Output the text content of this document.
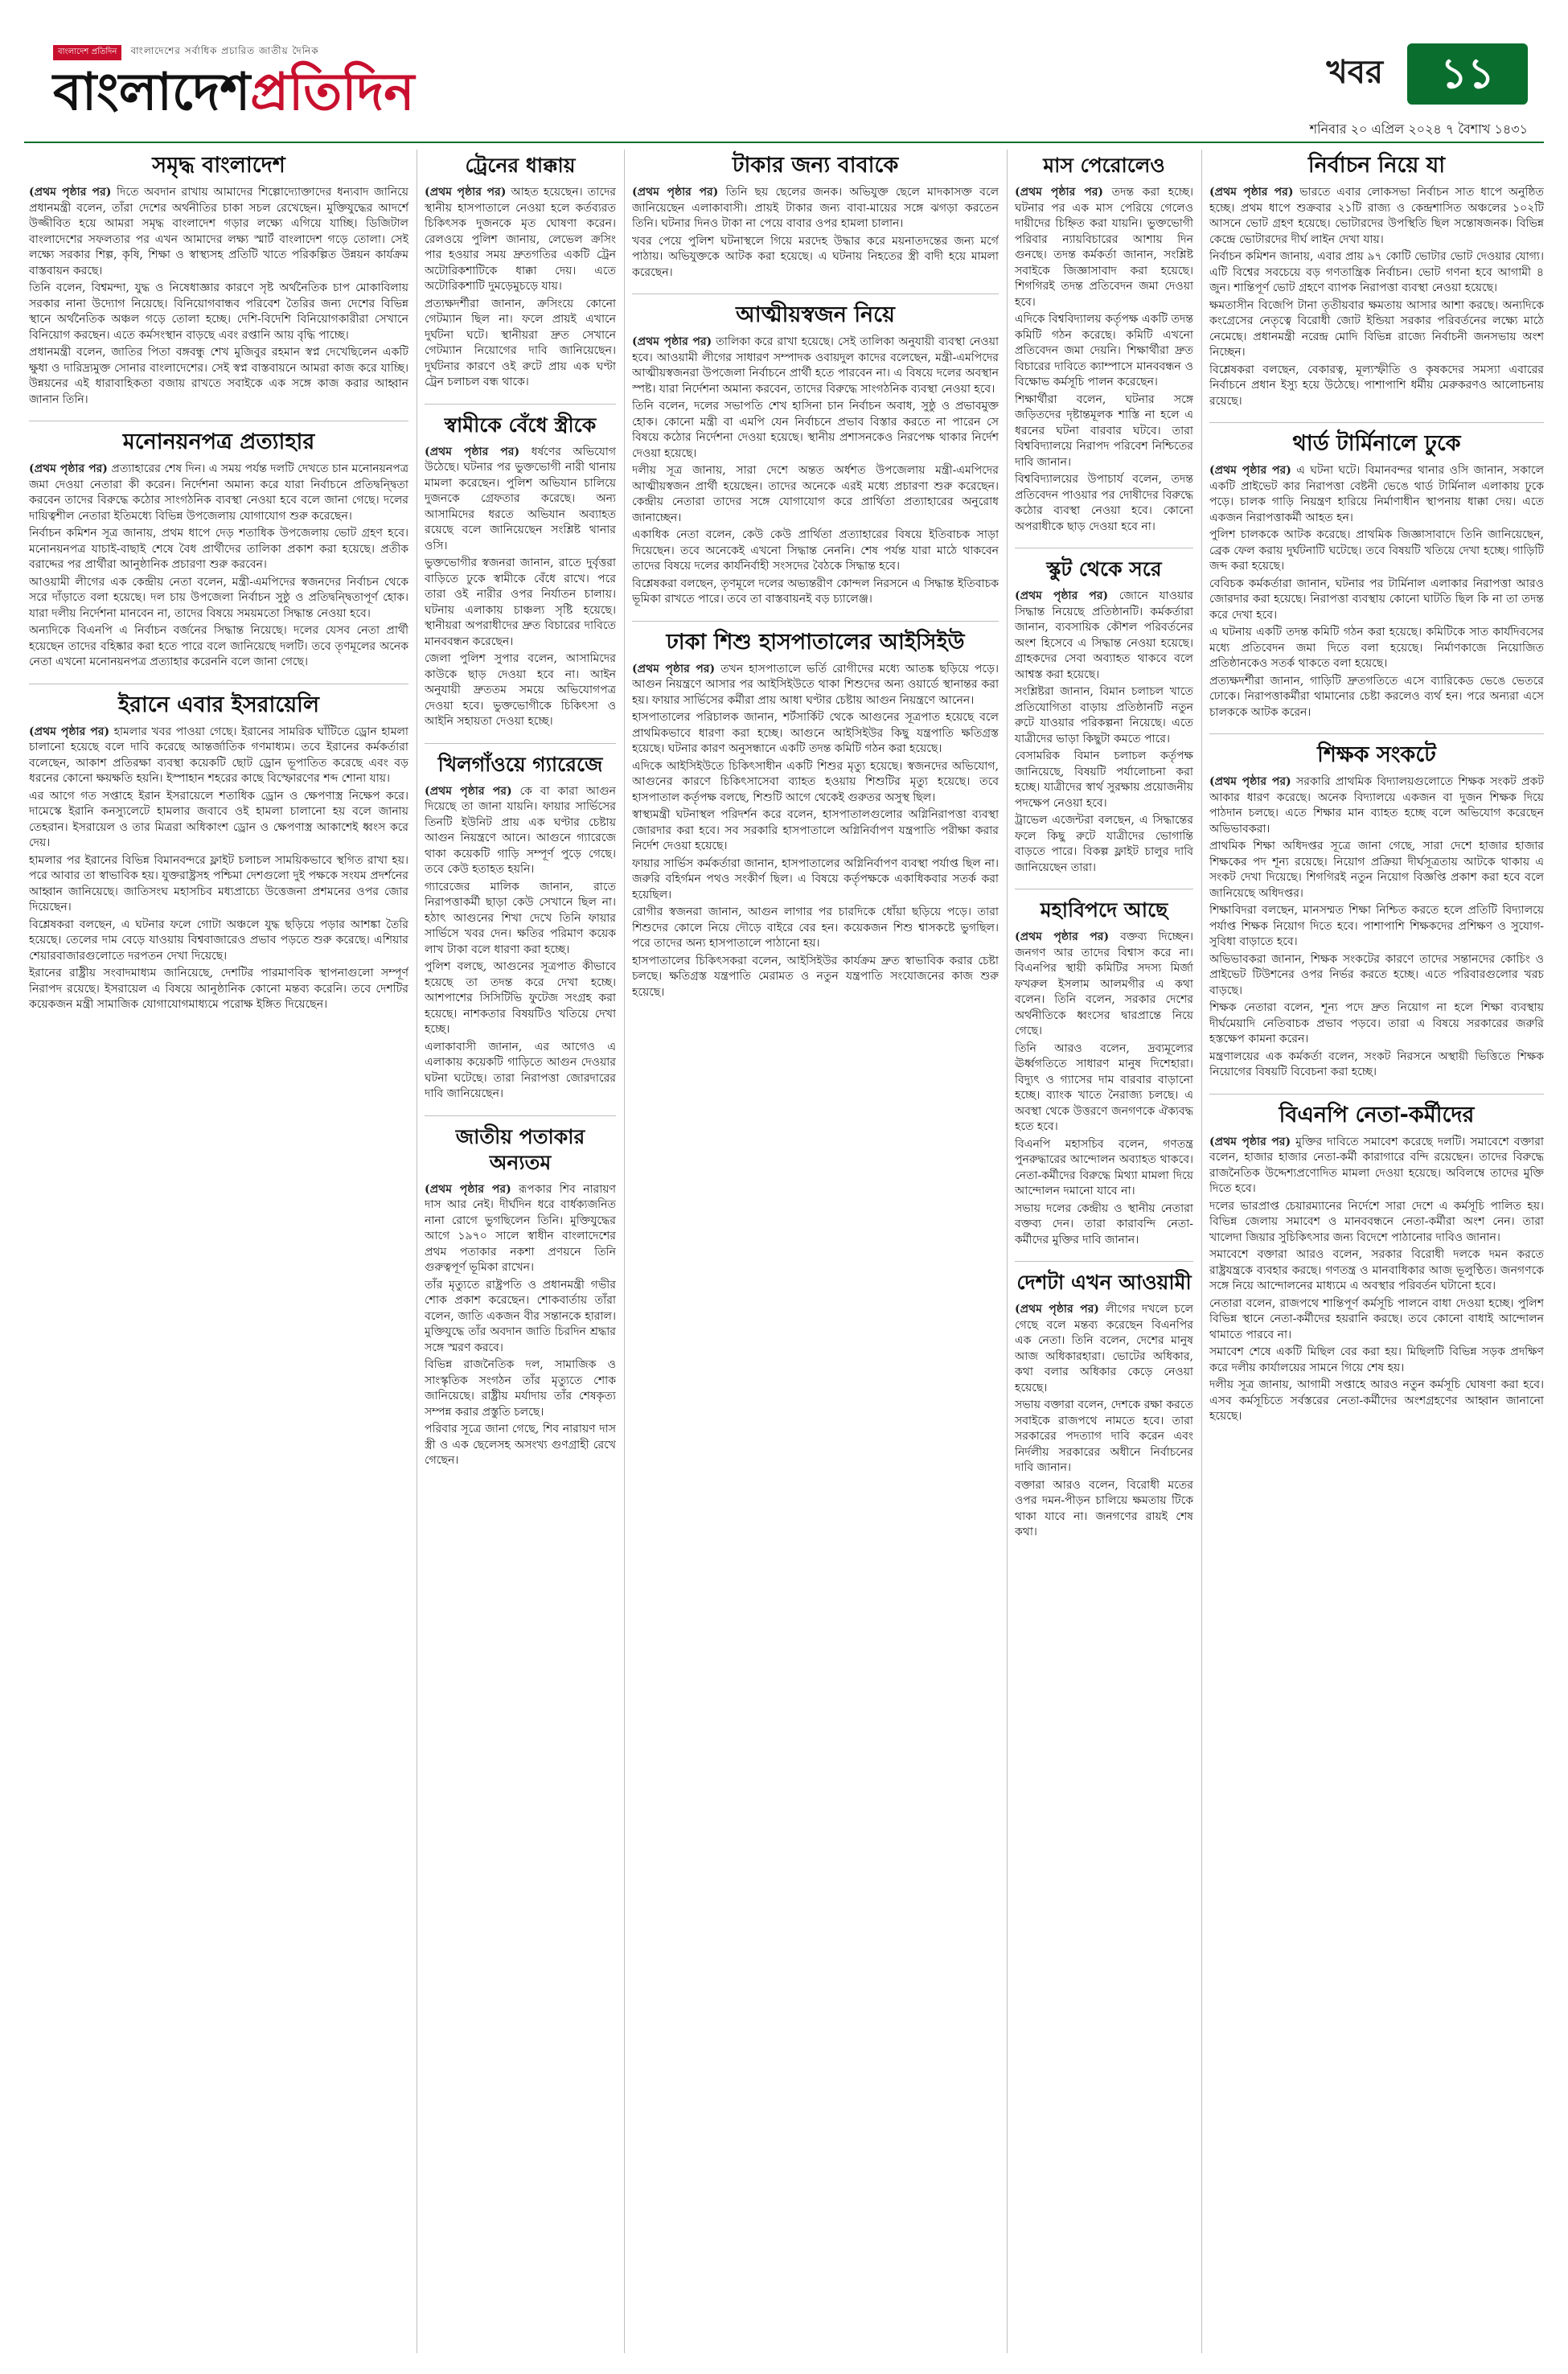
বাংলাদেশ প্রতিদিন বাংলাদেশের সর্বাধিক প্রচারিত জাতীয় দৈনিক
বাংলাদেশপ্রতিদিন	খবর	১১
শনিবার ২০ এপ্রিল ২০২৪ ৭ বৈশাখ ১৪৩১
সমৃদ্ধ বাংলাদেশ

(প্রথম পৃষ্ঠার পর) দিতে অবদান রাখায় আমাদের শিল্পোদ্যোক্তাদের ধন্যবাদ জানিয়ে প্রধানমন্ত্রী বলেন, তাঁরা দেশের অর্থনীতির চাকা সচল রেখেছেন। মুক্তিযুদ্ধের আদর্শে উজ্জীবিত হয়ে আমরা সমৃদ্ধ বাংলাদেশ গড়ার লক্ষ্যে এগিয়ে যাচ্ছি। ডিজিটাল বাংলাদেশের সফলতার পর এখন আমাদের লক্ষ্য স্মার্ট বাংলাদেশ গড়ে তোলা। সেই লক্ষ্যে সরকার শিল্প, কৃষি, শিক্ষা ও স্বাস্থ্যসহ প্রতিটি খাতে পরিকল্পিত উন্নয়ন কার্যক্রম বাস্তবায়ন করছে।

তিনি বলেন, বিশ্বমন্দা, যুদ্ধ ও নিষেধাজ্ঞার কারণে সৃষ্ট অর্থনৈতিক চাপ মোকাবিলায় সরকার নানা উদ্যোগ নিয়েছে। বিনিয়োগবান্ধব পরিবেশ তৈরির জন্য দেশের বিভিন্ন স্থানে অর্থনৈতিক অঞ্চল গড়ে তোলা হচ্ছে। দেশি-বিদেশি বিনিয়োগকারীরা সেখানে বিনিয়োগ করছেন। এতে কর্মসংস্থান বাড়ছে এবং রপ্তানি আয় বৃদ্ধি পাচ্ছে।

প্রধানমন্ত্রী বলেন, জাতির পিতা বঙ্গবন্ধু শেখ মুজিবুর রহমান স্বপ্ন দেখেছিলেন একটি ক্ষুধা ও দারিদ্র্যমুক্ত সোনার বাংলাদেশের। সেই স্বপ্ন বাস্তবায়নে আমরা কাজ করে যাচ্ছি। উন্নয়নের এই ধারাবাহিকতা বজায় রাখতে সবাইকে এক সঙ্গে কাজ করার আহ্বান জানান তিনি।

মনোনয়নপত্র প্রত্যাহার

(প্রথম পৃষ্ঠার পর) প্রত্যাহারের শেষ দিন। এ সময় পর্যন্ত দলটি দেখতে চান মনোনয়নপত্র জমা দেওয়া নেতারা কী করেন। নির্দেশনা অমান্য করে যারা নির্বাচনে প্রতিদ্বন্দ্বিতা করবেন তাদের বিরুদ্ধে কঠোর সাংগঠনিক ব্যবস্থা নেওয়া হবে বলে জানা গেছে। দলের দায়িত্বশীল নেতারা ইতিমধ্যে বিভিন্ন উপজেলায় যোগাযোগ শুরু করেছেন।

নির্বাচন কমিশন সূত্র জানায়, প্রথম ধাপে দেড় শতাধিক উপজেলায় ভোট গ্রহণ হবে। মনোনয়নপত্র যাচাই-বাছাই শেষে বৈধ প্রার্থীদের তালিকা প্রকাশ করা হয়েছে। প্রতীক বরাদ্দের পর প্রার্থীরা আনুষ্ঠানিক প্রচারণা শুরু করবেন।

আওয়ামী লীগের এক কেন্দ্রীয় নেতা বলেন, মন্ত্রী-এমপিদের স্বজনদের নির্বাচন থেকে সরে দাঁড়াতে বলা হয়েছে। দল চায় উপজেলা নির্বাচন সুষ্ঠু ও প্রতিদ্বন্দ্বিতাপূর্ণ হোক। যারা দলীয় নির্দেশনা মানবেন না, তাদের বিষয়ে সময়মতো সিদ্ধান্ত নেওয়া হবে।

অন্যদিকে বিএনপি এ নির্বাচন বর্জনের সিদ্ধান্ত নিয়েছে। দলের যেসব নেতা প্রার্থী হয়েছেন তাদের বহিষ্কার করা হতে পারে বলে জানিয়েছে দলটি। তবে তৃণমূলের অনেক নেতা এখনো মনোনয়নপত্র প্রত্যাহার করেননি বলে জানা গেছে।

ইরানে এবার ইসরায়েলি

(প্রথম পৃষ্ঠার পর) হামলার খবর পাওয়া গেছে। ইরানের সামরিক ঘাঁটিতে ড্রোন হামলা চালানো হয়েছে বলে দাবি করেছে আন্তর্জাতিক গণমাধ্যম। তবে ইরানের কর্মকর্তারা বলেছেন, আকাশ প্রতিরক্ষা ব্যবস্থা কয়েকটি ছোট ড্রোন ভূপাতিত করেছে এবং বড় ধরনের কোনো ক্ষয়ক্ষতি হয়নি। ইস্পাহান শহরের কাছে বিস্ফোরণের শব্দ শোনা যায়।

এর আগে গত সপ্তাহে ইরান ইসরায়েলে শতাধিক ড্রোন ও ক্ষেপণাস্ত্র নিক্ষেপ করে। দামেস্কে ইরানি কনস্যুলেটে হামলার জবাবে ওই হামলা চালানো হয় বলে জানায় তেহরান। ইসরায়েল ও তার মিত্ররা অধিকাংশ ড্রোন ও ক্ষেপণাস্ত্র আকাশেই ধ্বংস করে দেয়।

হামলার পর ইরানের বিভিন্ন বিমানবন্দরে ফ্লাইট চলাচল সাময়িকভাবে স্থগিত রাখা হয়। পরে আবার তা স্বাভাবিক হয়। যুক্তরাষ্ট্রসহ পশ্চিমা দেশগুলো দুই পক্ষকে সংযম প্রদর্শনের আহ্বান জানিয়েছে। জাতিসংঘ মহাসচিব মধ্যপ্রাচ্যে উত্তেজনা প্রশমনের ওপর জোর দিয়েছেন।

বিশ্লেষকরা বলছেন, এ ঘটনার ফলে গোটা অঞ্চলে যুদ্ধ ছড়িয়ে পড়ার আশঙ্কা তৈরি হয়েছে। তেলের দাম বেড়ে যাওয়ায় বিশ্ববাজারেও প্রভাব পড়তে শুরু করেছে। এশিয়ার শেয়ারবাজারগুলোতে দরপতন দেখা দিয়েছে।

ইরানের রাষ্ট্রীয় সংবাদমাধ্যম জানিয়েছে, দেশটির পারমাণবিক স্থাপনাগুলো সম্পূর্ণ নিরাপদ রয়েছে। ইসরায়েল এ বিষয়ে আনুষ্ঠানিক কোনো মন্তব্য করেনি। তবে দেশটির কয়েকজন মন্ত্রী সামাজিক যোগাযোগমাধ্যমে পরোক্ষ ইঙ্গিত দিয়েছেন।

ট্রেনের ধাক্কায়

(প্রথম পৃষ্ঠার পর) আহত হয়েছেন। তাদের স্থানীয় হাসপাতালে নেওয়া হলে কর্তব্যরত চিকিৎসক দুজনকে মৃত ঘোষণা করেন। রেলওয়ে পুলিশ জানায়, লেভেল ক্রসিং পার হওয়ার সময় দ্রুতগতির একটি ট্রেন অটোরিকশাটিকে ধাক্কা দেয়। এতে অটোরিকশাটি দুমড়েমুচড়ে যায়।

প্রত্যক্ষদর্শীরা জানান, ক্রসিংয়ে কোনো গেটম্যান ছিল না। ফলে প্রায়ই এখানে দুর্ঘটনা ঘটে। স্থানীয়রা দ্রুত সেখানে গেটম্যান নিয়োগের দাবি জানিয়েছেন। দুর্ঘটনার কারণে ওই রুটে প্রায় এক ঘণ্টা ট্রেন চলাচল বন্ধ থাকে।

স্বামীকে বেঁধে স্ত্রীকে

(প্রথম পৃষ্ঠার পর) ধর্ষণের অভিযোগ উঠেছে। ঘটনার পর ভুক্তভোগী নারী থানায় মামলা করেছেন। পুলিশ অভিযান চালিয়ে দুজনকে গ্রেফতার করেছে। অন্য আসামিদের ধরতে অভিযান অব্যাহত রয়েছে বলে জানিয়েছেন সংশ্লিষ্ট থানার ওসি।

ভুক্তভোগীর স্বজনরা জানান, রাতে দুর্বৃত্তরা বাড়িতে ঢুকে স্বামীকে বেঁধে রাখে। পরে তারা ওই নারীর ওপর নির্যাতন চালায়। ঘটনায় এলাকায় চাঞ্চল্য সৃষ্টি হয়েছে। স্থানীয়রা অপরাধীদের দ্রুত বিচারের দাবিতে মানববন্ধন করেছেন।

জেলা পুলিশ সুপার বলেন, আসামিদের কাউকে ছাড় দেওয়া হবে না। আইন অনুযায়ী দ্রুততম সময়ে অভিযোগপত্র দেওয়া হবে। ভুক্তভোগীকে চিকিৎসা ও আইনি সহায়তা দেওয়া হচ্ছে।

খিলগাঁওয়ে গ্যারেজে

(প্রথম পৃষ্ঠার পর) কে বা কারা আগুন দিয়েছে তা জানা যায়নি। ফায়ার সার্ভিসের তিনটি ইউনিট প্রায় এক ঘণ্টার চেষ্টায় আগুন নিয়ন্ত্রণে আনে। আগুনে গ্যারেজে থাকা কয়েকটি গাড়ি সম্পূর্ণ পুড়ে গেছে। তবে কেউ হতাহত হয়নি।

গ্যারেজের মালিক জানান, রাতে নিরাপত্তাকর্মী ছাড়া কেউ সেখানে ছিল না। হঠাৎ আগুনের শিখা দেখে তিনি ফায়ার সার্ভিসে খবর দেন। ক্ষতির পরিমাণ কয়েক লাখ টাকা বলে ধারণা করা হচ্ছে।

পুলিশ বলছে, আগুনের সূত্রপাত কীভাবে হয়েছে তা তদন্ত করে দেখা হচ্ছে। আশপাশের সিসিটিভি ফুটেজ সংগ্রহ করা হয়েছে। নাশকতার বিষয়টিও খতিয়ে দেখা হচ্ছে।

এলাকাবাসী জানান, এর আগেও এ এলাকায় কয়েকটি গাড়িতে আগুন দেওয়ার ঘটনা ঘটেছে। তারা নিরাপত্তা জোরদারের দাবি জানিয়েছেন।

জাতীয় পতাকার অন্যতম

(প্রথম পৃষ্ঠার পর) রূপকার শিব নারায়ণ দাস আর নেই। দীর্ঘদিন ধরে বার্ধক্যজনিত নানা রোগে ভুগছিলেন তিনি। মুক্তিযুদ্ধের আগে ১৯৭০ সালে স্বাধীন বাংলাদেশের প্রথম পতাকার নকশা প্রণয়নে তিনি গুরুত্বপূর্ণ ভূমিকা রাখেন।

তাঁর মৃত্যুতে রাষ্ট্রপতি ও প্রধানমন্ত্রী গভীর শোক প্রকাশ করেছেন। শোকবার্তায় তাঁরা বলেন, জাতি একজন বীর সন্তানকে হারাল। মুক্তিযুদ্ধে তাঁর অবদান জাতি চিরদিন শ্রদ্ধার সঙ্গে স্মরণ করবে।

বিভিন্ন রাজনৈতিক দল, সামাজিক ও সাংস্কৃতিক সংগঠন তাঁর মৃত্যুতে শোক জানিয়েছে। রাষ্ট্রীয় মর্যাদায় তাঁর শেষকৃত্য সম্পন্ন করার প্রস্তুতি চলছে।

পরিবার সূত্রে জানা গেছে, শিব নারায়ণ দাস স্ত্রী ও এক ছেলেসহ অসংখ্য গুণগ্রাহী রেখে গেছেন।

টাকার জন্য বাবাকে

(প্রথম পৃষ্ঠার পর) তিনি ছয় ছেলের জনক। অভিযুক্ত ছেলে মাদকাসক্ত বলে জানিয়েছেন এলাকাবাসী। প্রায়ই টাকার জন্য বাবা-মায়ের সঙ্গে ঝগড়া করতেন তিনি। ঘটনার দিনও টাকা না পেয়ে বাবার ওপর হামলা চালান।

খবর পেয়ে পুলিশ ঘটনাস্থলে গিয়ে মরদেহ উদ্ধার করে ময়নাতদন্তের জন্য মর্গে পাঠায়। অভিযুক্তকে আটক করা হয়েছে। এ ঘটনায় নিহতের স্ত্রী বাদী হয়ে মামলা করেছেন।

আত্মীয়স্বজন নিয়ে

(প্রথম পৃষ্ঠার পর) তালিকা করে রাখা হয়েছে। সেই তালিকা অনুযায়ী ব্যবস্থা নেওয়া হবে। আওয়ামী লীগের সাধারণ সম্পাদক ওবায়দুল কাদের বলেছেন, মন্ত্রী-এমপিদের আত্মীয়স্বজনরা উপজেলা নির্বাচনে প্রার্থী হতে পারবেন না। এ বিষয়ে দলের অবস্থান স্পষ্ট। যারা নির্দেশনা অমান্য করবেন, তাদের বিরুদ্ধে সাংগঠনিক ব্যবস্থা নেওয়া হবে।

তিনি বলেন, দলের সভাপতি শেখ হাসিনা চান নির্বাচন অবাধ, সুষ্ঠু ও প্রভাবমুক্ত হোক। কোনো মন্ত্রী বা এমপি যেন নির্বাচনে প্রভাব বিস্তার করতে না পারেন সে বিষয়ে কঠোর নির্দেশনা দেওয়া হয়েছে। স্থানীয় প্রশাসনকেও নিরপেক্ষ থাকার নির্দেশ দেওয়া হয়েছে।

দলীয় সূত্র জানায়, সারা দেশে অন্তত অর্ধশত উপজেলায় মন্ত্রী-এমপিদের আত্মীয়স্বজন প্রার্থী হয়েছেন। তাদের অনেকে এরই মধ্যে প্রচারণা শুরু করেছেন। কেন্দ্রীয় নেতারা তাদের সঙ্গে যোগাযোগ করে প্রার্থিতা প্রত্যাহারের অনুরোধ জানাচ্ছেন।

একাধিক নেতা বলেন, কেউ কেউ প্রার্থিতা প্রত্যাহারের বিষয়ে ইতিবাচক সাড়া দিয়েছেন। তবে অনেকেই এখনো সিদ্ধান্ত নেননি। শেষ পর্যন্ত যারা মাঠে থাকবেন তাদের বিষয়ে দলের কার্যনির্বাহী সংসদের বৈঠকে সিদ্ধান্ত হবে।

বিশ্লেষকরা বলছেন, তৃণমূলে দলের অভ্যন্তরীণ কোন্দল নিরসনে এ সিদ্ধান্ত ইতিবাচক ভূমিকা রাখতে পারে। তবে তা বাস্তবায়নই বড় চ্যালেঞ্জ।

ঢাকা শিশু হাসপাতালের আইসিইউ

(প্রথম পৃষ্ঠার পর) তখন হাসপাতালে ভর্তি রোগীদের মধ্যে আতঙ্ক ছড়িয়ে পড়ে। আগুন নিয়ন্ত্রণে আসার পর আইসিইউতে থাকা শিশুদের অন্য ওয়ার্ডে স্থানান্তর করা হয়। ফায়ার সার্ভিসের কর্মীরা প্রায় আধা ঘণ্টার চেষ্টায় আগুন নিয়ন্ত্রণে আনেন।

হাসপাতালের পরিচালক জানান, শর্টসার্কিট থেকে আগুনের সূত্রপাত হয়েছে বলে প্রাথমিকভাবে ধারণা করা হচ্ছে। আগুনে আইসিইউর কিছু যন্ত্রপাতি ক্ষতিগ্রস্ত হয়েছে। ঘটনার কারণ অনুসন্ধানে একটি তদন্ত কমিটি গঠন করা হয়েছে।

এদিকে আইসিইউতে চিকিৎসাধীন একটি শিশুর মৃত্যু হয়েছে। স্বজনদের অভিযোগ, আগুনের কারণে চিকিৎসাসেবা ব্যাহত হওয়ায় শিশুটির মৃত্যু হয়েছে। তবে হাসপাতাল কর্তৃপক্ষ বলছে, শিশুটি আগে থেকেই গুরুতর অসুস্থ ছিল।

স্বাস্থ্যমন্ত্রী ঘটনাস্থল পরিদর্শন করে বলেন, হাসপাতালগুলোর অগ্নিনিরাপত্তা ব্যবস্থা জোরদার করা হবে। সব সরকারি হাসপাতালে অগ্নিনির্বাপণ যন্ত্রপাতি পরীক্ষা করার নির্দেশ দেওয়া হয়েছে।

ফায়ার সার্ভিস কর্মকর্তারা জানান, হাসপাতালের অগ্নিনির্বাপণ ব্যবস্থা পর্যাপ্ত ছিল না। জরুরি বহির্গমন পথও সংকীর্ণ ছিল। এ বিষয়ে কর্তৃপক্ষকে একাধিকবার সতর্ক করা হয়েছিল।

রোগীর স্বজনরা জানান, আগুন লাগার পর চারদিকে ধোঁয়া ছড়িয়ে পড়ে। তারা শিশুদের কোলে নিয়ে দৌড়ে বাইরে বের হন। কয়েকজন শিশু শ্বাসকষ্টে ভুগছিল। পরে তাদের অন্য হাসপাতালে পাঠানো হয়।

হাসপাতালের চিকিৎসকরা বলেন, আইসিইউর কার্যক্রম দ্রুত স্বাভাবিক করার চেষ্টা চলছে। ক্ষতিগ্রস্ত যন্ত্রপাতি মেরামত ও নতুন যন্ত্রপাতি সংযোজনের কাজ শুরু হয়েছে।

মাস পেরোলেও

(প্রথম পৃষ্ঠার পর) তদন্ত করা হচ্ছে। ঘটনার পর এক মাস পেরিয়ে গেলেও দায়ীদের চিহ্নিত করা যায়নি। ভুক্তভোগী পরিবার ন্যায়বিচারের আশায় দিন গুনছে। তদন্ত কর্মকর্তা জানান, সংশ্লিষ্ট সবাইকে জিজ্ঞাসাবাদ করা হয়েছে। শিগগিরই তদন্ত প্রতিবেদন জমা দেওয়া হবে।

এদিকে বিশ্ববিদ্যালয় কর্তৃপক্ষ একটি তদন্ত কমিটি গঠন করেছে। কমিটি এখনো প্রতিবেদন জমা দেয়নি। শিক্ষার্থীরা দ্রুত বিচারের দাবিতে ক্যাম্পাসে মানববন্ধন ও বিক্ষোভ কর্মসূচি পালন করেছেন।

শিক্ষার্থীরা বলেন, ঘটনার সঙ্গে জড়িতদের দৃষ্টান্তমূলক শাস্তি না হলে এ ধরনের ঘটনা বারবার ঘটবে। তারা বিশ্ববিদ্যালয়ে নিরাপদ পরিবেশ নিশ্চিতের দাবি জানান।

বিশ্ববিদ্যালয়ের উপাচার্য বলেন, তদন্ত প্রতিবেদন পাওয়ার পর দোষীদের বিরুদ্ধে কঠোর ব্যবস্থা নেওয়া হবে। কোনো অপরাধীকে ছাড় দেওয়া হবে না।

স্কুট থেকে সরে

(প্রথম পৃষ্ঠার পর) জোনে যাওয়ার সিদ্ধান্ত নিয়েছে প্রতিষ্ঠানটি। কর্মকর্তারা জানান, ব্যবসায়িক কৌশল পরিবর্তনের অংশ হিসেবে এ সিদ্ধান্ত নেওয়া হয়েছে। গ্রাহকদের সেবা অব্যাহত থাকবে বলে আশ্বস্ত করা হয়েছে।

সংশ্লিষ্টরা জানান, বিমান চলাচল খাতে প্রতিযোগিতা বাড়ায় প্রতিষ্ঠানটি নতুন রুটে যাওয়ার পরিকল্পনা নিয়েছে। এতে যাত্রীদের ভাড়া কিছুটা কমতে পারে।

বেসামরিক বিমান চলাচল কর্তৃপক্ষ জানিয়েছে, বিষয়টি পর্যালোচনা করা হচ্ছে। যাত্রীদের স্বার্থ সুরক্ষায় প্রয়োজনীয় পদক্ষেপ নেওয়া হবে।

ট্রাভেল এজেন্টরা বলছেন, এ সিদ্ধান্তের ফলে কিছু রুটে যাত্রীদের ভোগান্তি বাড়তে পারে। বিকল্প ফ্লাইট চালুর দাবি জানিয়েছেন তারা।

মহাবিপদে আছে

(প্রথম পৃষ্ঠার পর) বক্তব্য দিচ্ছেন। জনগণ আর তাদের বিশ্বাস করে না। বিএনপির স্থায়ী কমিটির সদস্য মির্জা ফখরুল ইসলাম আলমগীর এ কথা বলেন। তিনি বলেন, সরকার দেশের অর্থনীতিকে ধ্বংসের দ্বারপ্রান্তে নিয়ে গেছে।

তিনি আরও বলেন, দ্রব্যমূল্যের ঊর্ধ্বগতিতে সাধারণ মানুষ দিশেহারা। বিদ্যুৎ ও গ্যাসের দাম বারবার বাড়ানো হচ্ছে। ব্যাংক খাতে নৈরাজ্য চলছে। এ অবস্থা থেকে উত্তরণে জনগণকে ঐক্যবদ্ধ হতে হবে।

বিএনপি মহাসচিব বলেন, গণতন্ত্র পুনরুদ্ধারের আন্দোলন অব্যাহত থাকবে। নেতা-কর্মীদের বিরুদ্ধে মিথ্যা মামলা দিয়ে আন্দোলন দমানো যাবে না।

সভায় দলের কেন্দ্রীয় ও স্থানীয় নেতারা বক্তব্য দেন। তারা কারাবন্দি নেতা-কর্মীদের মুক্তির দাবি জানান।

দেশটা এখন আওয়ামী

(প্রথম পৃষ্ঠার পর) লীগের দখলে চলে গেছে বলে মন্তব্য করেছেন বিএনপির এক নেতা। তিনি বলেন, দেশের মানুষ আজ অধিকারহারা। ভোটের অধিকার, কথা বলার অধিকার কেড়ে নেওয়া হয়েছে।

সভায় বক্তারা বলেন, দেশকে রক্ষা করতে সবাইকে রাজপথে নামতে হবে। তারা সরকারের পদত্যাগ দাবি করেন এবং নির্দলীয় সরকারের অধীনে নির্বাচনের দাবি জানান।

বক্তারা আরও বলেন, বিরোধী মতের ওপর দমন-পীড়ন চালিয়ে ক্ষমতায় টিকে থাকা যাবে না। জনগণের রায়ই শেষ কথা।

নির্বাচন নিয়ে যা

(প্রথম পৃষ্ঠার পর) ভারতে এবার লোকসভা নির্বাচন সাত ধাপে অনুষ্ঠিত হচ্ছে। প্রথম ধাপে শুক্রবার ২১টি রাজ্য ও কেন্দ্রশাসিত অঞ্চলের ১০২টি আসনে ভোট গ্রহণ হয়েছে। ভোটারদের উপস্থিতি ছিল সন্তোষজনক। বিভিন্ন কেন্দ্রে ভোটারদের দীর্ঘ লাইন দেখা যায়।

নির্বাচন কমিশন জানায়, এবার প্রায় ৯৭ কোটি ভোটার ভোট দেওয়ার যোগ্য। এটি বিশ্বের সবচেয়ে বড় গণতান্ত্রিক নির্বাচন। ভোট গণনা হবে আগামী ৪ জুন। শান্তিপূর্ণ ভোট গ্রহণে ব্যাপক নিরাপত্তা ব্যবস্থা নেওয়া হয়েছে।

ক্ষমতাসীন বিজেপি টানা তৃতীয়বার ক্ষমতায় আসার আশা করছে। অন্যদিকে কংগ্রেসের নেতৃত্বে বিরোধী জোট ইন্ডিয়া সরকার পরিবর্তনের লক্ষ্যে মাঠে নেমেছে। প্রধানমন্ত্রী নরেন্দ্র মোদি বিভিন্ন রাজ্যে নির্বাচনী জনসভায় অংশ নিচ্ছেন।

বিশ্লেষকরা বলছেন, বেকারত্ব, মূল্যস্ফীতি ও কৃষকদের সমস্যা এবারের নির্বাচনে প্রধান ইস্যু হয়ে উঠেছে। পাশাপাশি ধর্মীয় মেরুকরণও আলোচনায় রয়েছে।

থার্ড টার্মিনালে ঢুকে

(প্রথম পৃষ্ঠার পর) এ ঘটনা ঘটে। বিমানবন্দর থানার ওসি জানান, সকালে একটি প্রাইভেট কার নিরাপত্তা বেষ্টনী ভেঙে থার্ড টার্মিনাল এলাকায় ঢুকে পড়ে। চালক গাড়ি নিয়ন্ত্রণ হারিয়ে নির্মাণাধীন স্থাপনায় ধাক্কা দেয়। এতে একজন নিরাপত্তাকর্মী আহত হন।

পুলিশ চালককে আটক করেছে। প্রাথমিক জিজ্ঞাসাবাদে তিনি জানিয়েছেন, ব্রেক ফেল করায় দুর্ঘটনাটি ঘটেছে। তবে বিষয়টি খতিয়ে দেখা হচ্ছে। গাড়িটি জব্দ করা হয়েছে।

বেবিচক কর্মকর্তারা জানান, ঘটনার পর টার্মিনাল এলাকার নিরাপত্তা আরও জোরদার করা হয়েছে। নিরাপত্তা ব্যবস্থায় কোনো ঘাটতি ছিল কি না তা তদন্ত করে দেখা হবে।

এ ঘটনায় একটি তদন্ত কমিটি গঠন করা হয়েছে। কমিটিকে সাত কার্যদিবসের মধ্যে প্রতিবেদন জমা দিতে বলা হয়েছে। নির্মাণকাজে নিয়োজিত প্রতিষ্ঠানকেও সতর্ক থাকতে বলা হয়েছে।

প্রত্যক্ষদর্শীরা জানান, গাড়িটি দ্রুতগতিতে এসে ব্যারিকেড ভেঙে ভেতরে ঢোকে। নিরাপত্তাকর্মীরা থামানোর চেষ্টা করলেও ব্যর্থ হন। পরে অন্যরা এসে চালককে আটক করেন।

শিক্ষক সংকটে

(প্রথম পৃষ্ঠার পর) সরকারি প্রাথমিক বিদ্যালয়গুলোতে শিক্ষক সংকট প্রকট আকার ধারণ করেছে। অনেক বিদ্যালয়ে একজন বা দুজন শিক্ষক দিয়ে পাঠদান চলছে। এতে শিক্ষার মান ব্যাহত হচ্ছে বলে অভিযোগ করেছেন অভিভাবকরা।

প্রাথমিক শিক্ষা অধিদপ্তর সূত্রে জানা গেছে, সারা দেশে হাজার হাজার শিক্ষকের পদ শূন্য রয়েছে। নিয়োগ প্রক্রিয়া দীর্ঘসূত্রতায় আটকে থাকায় এ সংকট দেখা দিয়েছে। শিগগিরই নতুন নিয়োগ বিজ্ঞপ্তি প্রকাশ করা হবে বলে জানিয়েছে অধিদপ্তর।

শিক্ষাবিদরা বলছেন, মানসম্মত শিক্ষা নিশ্চিত করতে হলে প্রতিটি বিদ্যালয়ে পর্যাপ্ত শিক্ষক নিয়োগ দিতে হবে। পাশাপাশি শিক্ষকদের প্রশিক্ষণ ও সুযোগ-সুবিধা বাড়াতে হবে।

অভিভাবকরা জানান, শিক্ষক সংকটের কারণে তাদের সন্তানদের কোচিং ও প্রাইভেট টিউশনের ওপর নির্ভর করতে হচ্ছে। এতে পরিবারগুলোর খরচ বাড়ছে।

শিক্ষক নেতারা বলেন, শূন্য পদে দ্রুত নিয়োগ না হলে শিক্ষা ব্যবস্থায় দীর্ঘমেয়াদি নেতিবাচক প্রভাব পড়বে। তারা এ বিষয়ে সরকারের জরুরি হস্তক্ষেপ কামনা করেন।

মন্ত্রণালয়ের এক কর্মকর্তা বলেন, সংকট নিরসনে অস্থায়ী ভিত্তিতে শিক্ষক নিয়োগের বিষয়টি বিবেচনা করা হচ্ছে।

বিএনপি নেতা-কর্মীদের

(প্রথম পৃষ্ঠার পর) মুক্তির দাবিতে সমাবেশ করেছে দলটি। সমাবেশে বক্তারা বলেন, হাজার হাজার নেতা-কর্মী কারাগারে বন্দি রয়েছেন। তাদের বিরুদ্ধে রাজনৈতিক উদ্দেশ্যপ্রণোদিত মামলা দেওয়া হয়েছে। অবিলম্বে তাদের মুক্তি দিতে হবে।

দলের ভারপ্রাপ্ত চেয়ারম্যানের নির্দেশে সারা দেশে এ কর্মসূচি পালিত হয়। বিভিন্ন জেলায় সমাবেশ ও মানববন্ধনে নেতা-কর্মীরা অংশ নেন। তারা খালেদা জিয়ার সুচিকিৎসার জন্য বিদেশে পাঠানোর দাবিও জানান।

সমাবেশে বক্তারা আরও বলেন, সরকার বিরোধী দলকে দমন করতে রাষ্ট্রযন্ত্রকে ব্যবহার করছে। গণতন্ত্র ও মানবাধিকার আজ ভূলুণ্ঠিত। জনগণকে সঙ্গে নিয়ে আন্দোলনের মাধ্যমে এ অবস্থার পরিবর্তন ঘটানো হবে।

নেতারা বলেন, রাজপথে শান্তিপূর্ণ কর্মসূচি পালনে বাধা দেওয়া হচ্ছে। পুলিশ বিভিন্ন স্থানে নেতা-কর্মীদের হয়রানি করছে। তবে কোনো বাধাই আন্দোলন থামাতে পারবে না।

সমাবেশ শেষে একটি মিছিল বের করা হয়। মিছিলটি বিভিন্ন সড়ক প্রদক্ষিণ করে দলীয় কার্যালয়ের সামনে গিয়ে শেষ হয়।

দলীয় সূত্র জানায়, আগামী সপ্তাহে আরও নতুন কর্মসূচি ঘোষণা করা হবে। এসব কর্মসূচিতে সর্বস্তরের নেতা-কর্মীদের অংশগ্রহণের আহ্বান জানানো হয়েছে।
